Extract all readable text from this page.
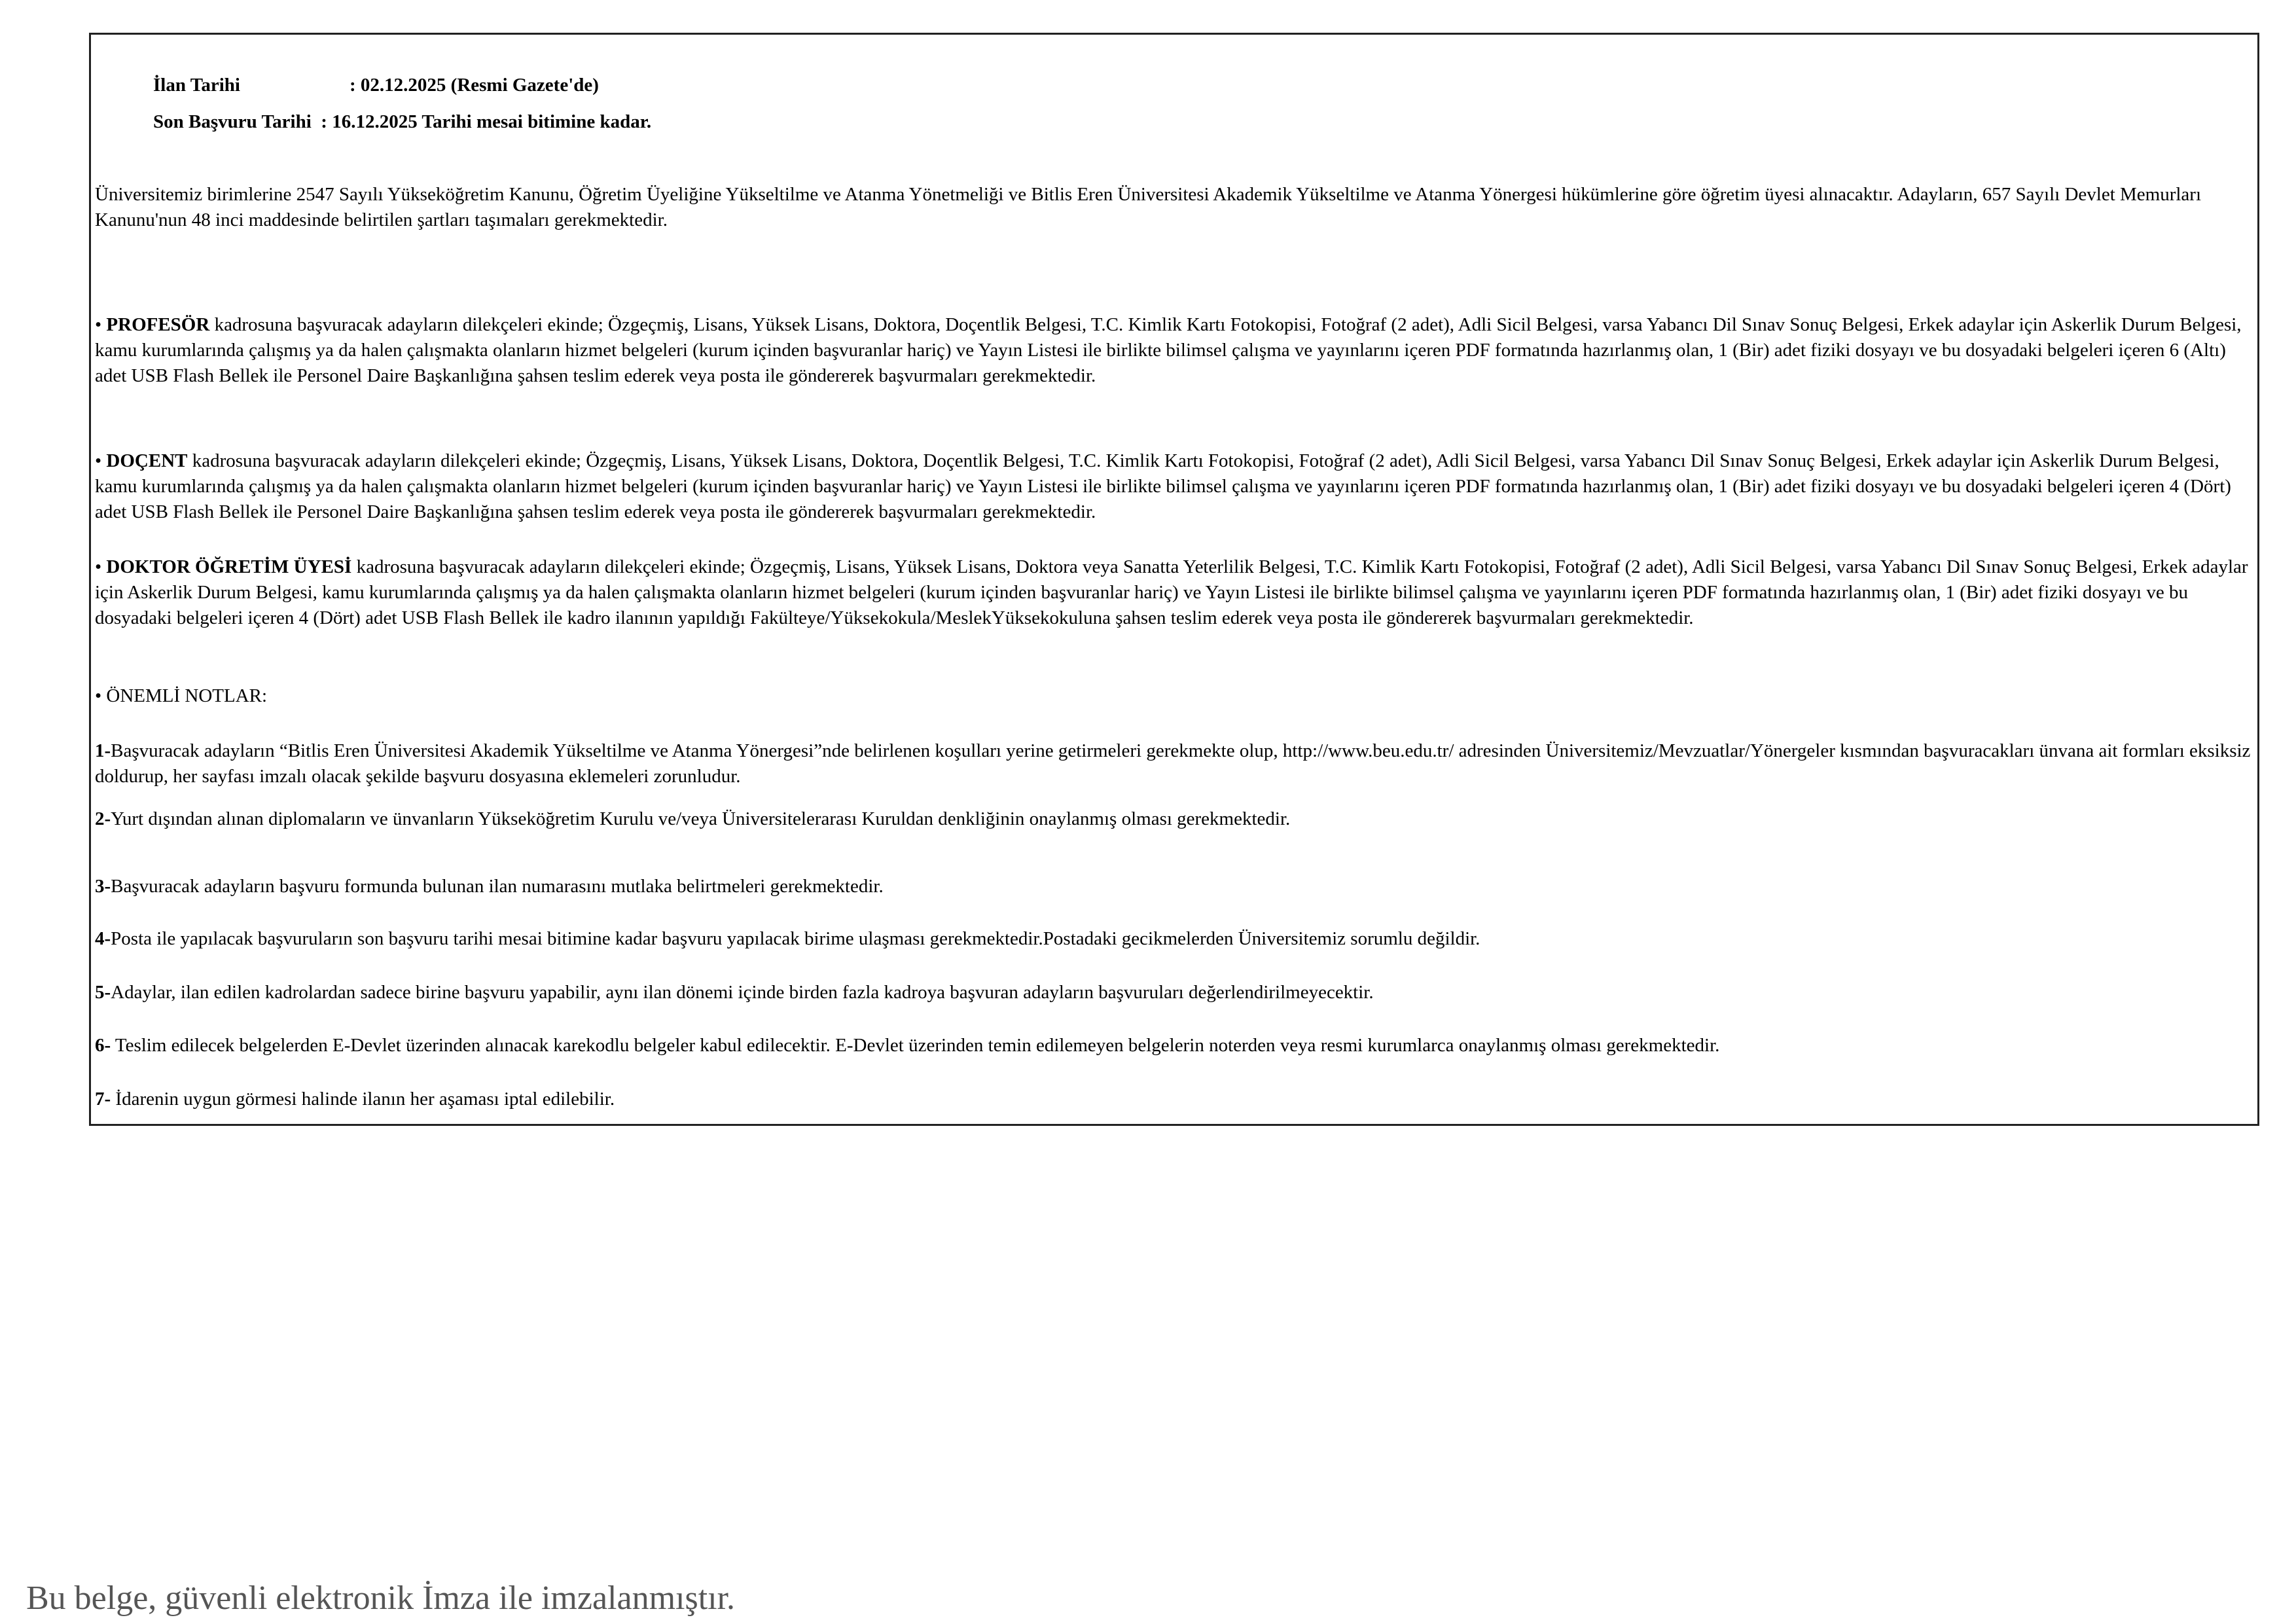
İlan Tarihi	: 02.12.2025 (Resmi Gazete'de)
Son Başvuru Tarihi : 16.12.2025 Tarihi mesai bitimine kadar.

Üniversitemiz birimlerine 2547 Sayılı Yükseköğretim Kanunu, Öğretim Üyeliğine Yükseltilme ve Atanma Yönetmeliği ve Bitlis Eren Üniversitesi Akademik Yükseltilme ve Atanma Yönergesi hükümlerine göre öğretim üyesi alınacaktır. Adayların, 657 Sayılı Devlet Memurları Kanunu'nun 48 inci maddesinde belirtilen şartları taşımaları gerekmektedir.

• PROFESÖR kadrosuna başvuracak adayların dilekçeleri ekinde; Özgeçmiş, Lisans, Yüksek Lisans, Doktora, Doçentlik Belgesi, T.C. Kimlik Kartı Fotokopisi, Fotoğraf (2 adet), Adli Sicil Belgesi, varsa Yabancı Dil Sınav Sonuç Belgesi, Erkek adaylar için Askerlik Durum Belgesi, kamu kurumlarında çalışmış ya da halen çalışmakta olanların hizmet belgeleri (kurum içinden başvuranlar hariç) ve Yayın Listesi ile birlikte bilimsel çalışma ve yayınlarını içeren PDF formatında hazırlanmış olan, 1 (Bir) adet fiziki dosyayı ve bu dosyadaki belgeleri içeren 6 (Altı) adet USB Flash Bellek ile Personel Daire Başkanlığına şahsen teslim ederek veya posta ile göndererek başvurmaları gerekmektedir.

• DOÇENT kadrosuna başvuracak adayların dilekçeleri ekinde; Özgeçmiş, Lisans, Yüksek Lisans, Doktora, Doçentlik Belgesi, T.C. Kimlik Kartı Fotokopisi, Fotoğraf (2 adet), Adli Sicil Belgesi, varsa Yabancı Dil Sınav Sonuç Belgesi, Erkek adaylar için Askerlik Durum Belgesi, kamu kurumlarında çalışmış ya da halen çalışmakta olanların hizmet belgeleri (kurum içinden başvuranlar hariç) ve Yayın Listesi ile birlikte bilimsel çalışma ve yayınlarını içeren PDF formatında hazırlanmış olan, 1 (Bir) adet fiziki dosyayı ve bu dosyadaki belgeleri içeren 4 (Dört) adet USB Flash Bellek ile Personel Daire Başkanlığına şahsen teslim ederek veya posta ile göndererek başvurmaları gerekmektedir.

• DOKTOR ÖĞRETİM ÜYESİ kadrosuna başvuracak adayların dilekçeleri ekinde; Özgeçmiş, Lisans, Yüksek Lisans, Doktora veya Sanatta Yeterlilik Belgesi, T.C. Kimlik Kartı Fotokopisi, Fotoğraf (2 adet), Adli Sicil Belgesi, varsa Yabancı Dil Sınav Sonuç Belgesi, Erkek adaylar için Askerlik Durum Belgesi, kamu kurumlarında çalışmış ya da halen çalışmakta olanların hizmet belgeleri (kurum içinden başvuranlar hariç) ve Yayın Listesi ile birlikte bilimsel çalışma ve yayınlarını içeren PDF formatında hazırlanmış olan, 1 (Bir) adet fiziki dosyayı ve bu dosyadaki belgeleri içeren 4 (Dört) adet USB Flash Bellek ile kadro ilanının yapıldığı Fakülteye/Yüksekokula/MeslekYüksekokuluna şahsen teslim ederek veya posta ile göndererek başvurmaları gerekmektedir.

• ÖNEMLİ NOTLAR:

1-Başvuracak adayların “Bitlis Eren Üniversitesi Akademik Yükseltilme ve Atanma Yönergesi”nde belirlenen koşulları yerine getirmeleri gerekmekte olup, http://www.beu.edu.tr/ adresinden Üniversitemiz/Mevzuatlar/Yönergeler kısmından başvuracakları ünvana ait formları eksiksiz doldurup, her sayfası imzalı olacak şekilde başvuru dosyasına eklemeleri zorunludur.

2-Yurt dışından alınan diplomaların ve ünvanların Yükseköğretim Kurulu ve/veya Üniversitelerarası Kuruldan denkliğinin onaylanmış olması gerekmektedir.

3-Başvuracak adayların başvuru formunda bulunan ilan numarasını mutlaka belirtmeleri gerekmektedir.

4-Posta ile yapılacak başvuruların son başvuru tarihi mesai bitimine kadar başvuru yapılacak birime ulaşması gerekmektedir.Postadaki gecikmelerden Üniversitemiz sorumlu değildir.

5-Adaylar, ilan edilen kadrolardan sadece birine başvuru yapabilir, aynı ilan dönemi içinde birden fazla kadroya başvuran adayların başvuruları değerlendirilmeyecektir.

6- Teslim edilecek belgelerden E-Devlet üzerinden alınacak karekodlu belgeler kabul edilecektir. E-Devlet üzerinden temin edilemeyen belgelerin noterden veya resmi kurumlarca onaylanmış olması gerekmektedir.

7- İdarenin uygun görmesi halinde ilanın her aşaması iptal edilebilir.

Bu belge, güvenli elektronik İmza ile imzalanmıştır.
